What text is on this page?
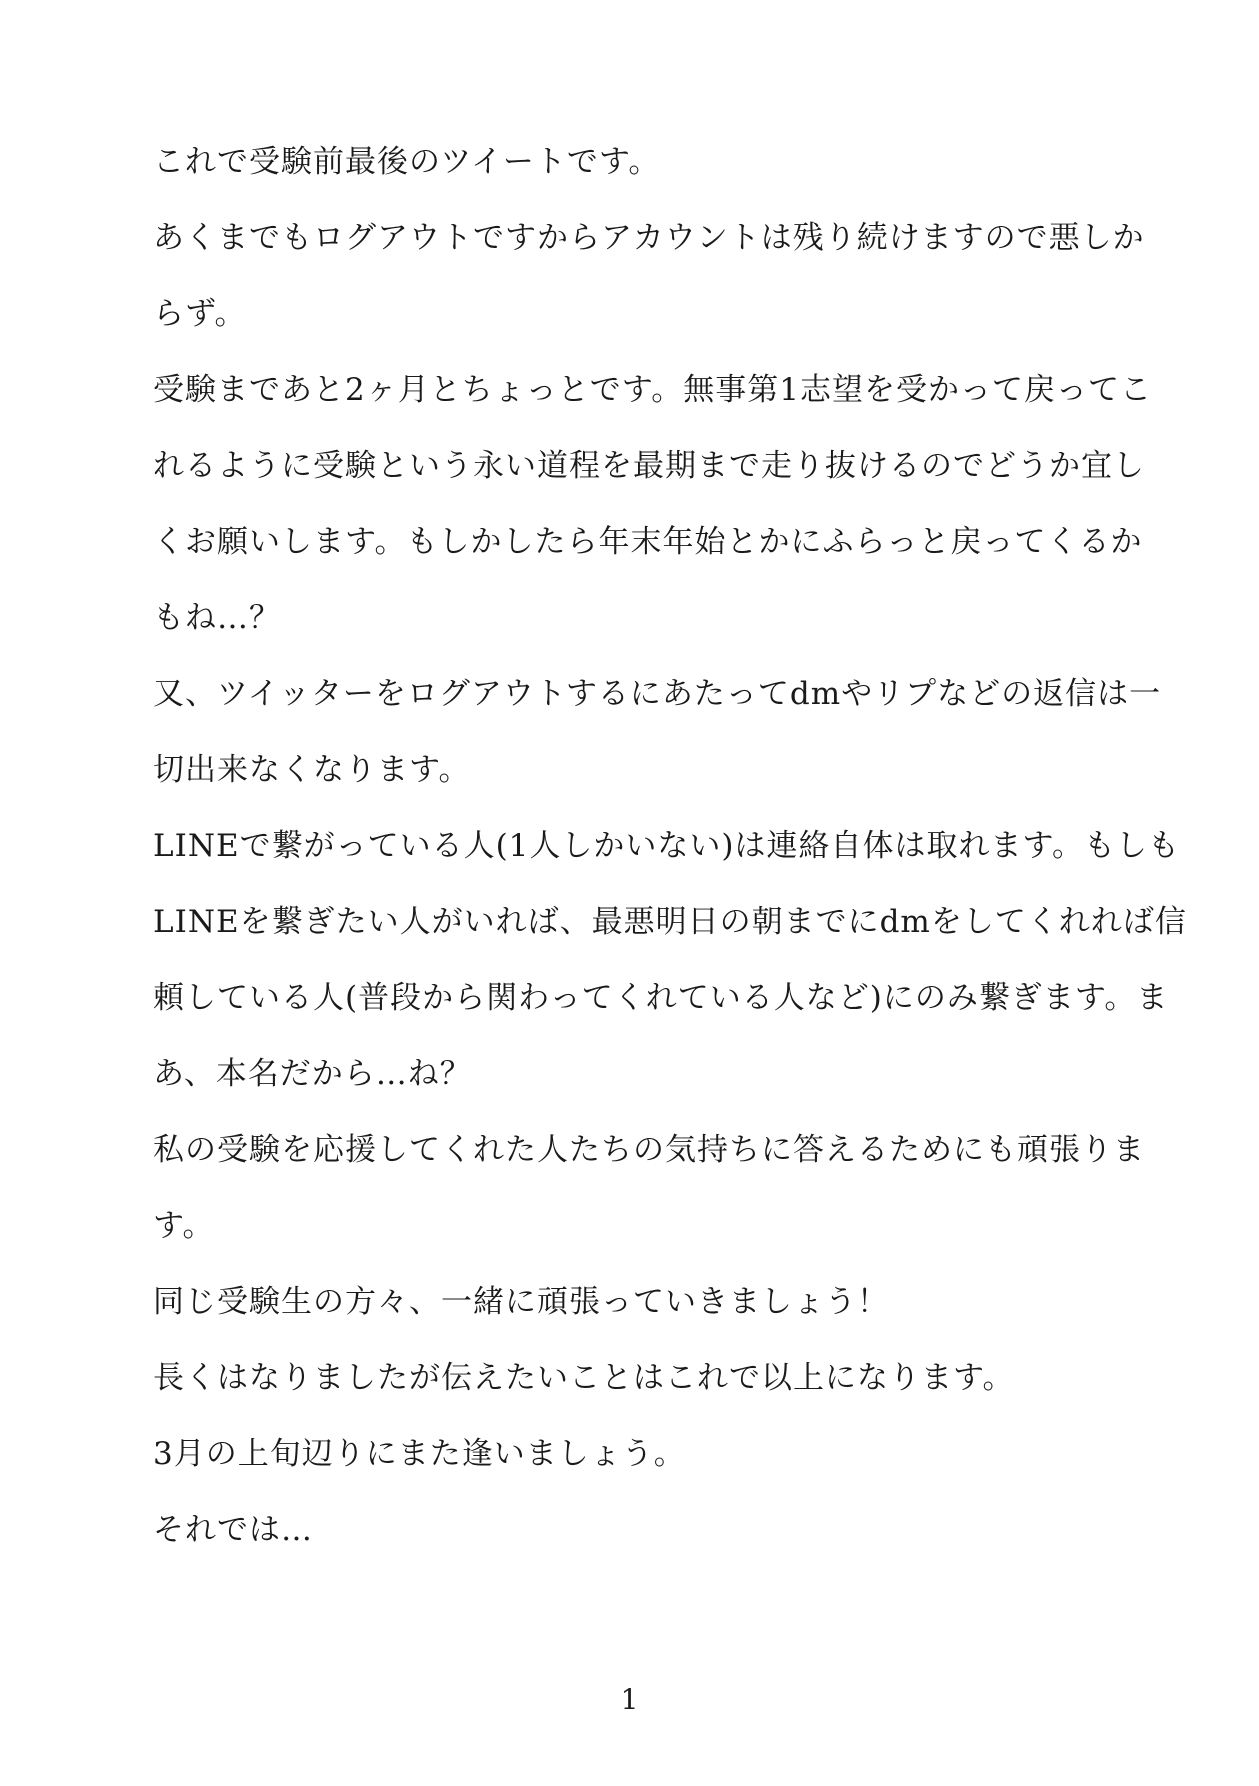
これで受験前最後のツイートです。
あくまでもログアウトですからアカウントは残り続けますので悪しか
らず。
受験まであと2ヶ月とちょっとです。無事第1志望を受かって戻ってこ
れるように受験という永い道程を最期まで走り抜けるのでどうか宜し
くお願いします。もしかしたら年末年始とかにふらっと戻ってくるか
もね…？
又、ツイッターをログアウトするにあたってdmやリプなどの返信は一
切出来なくなります。
LINEで繋がっている人(1人しかいない)は連絡自体は取れます。もしも
LINEを繋ぎたい人がいれば、最悪明日の朝までにdmをしてくれれば信
頼している人(普段から関わってくれている人など)にのみ繋ぎます。ま
あ、本名だから…ね？
私の受験を応援してくれた人たちの気持ちに答えるためにも頑張りま
す。
同じ受験生の方々、一緒に頑張っていきましょう！
長くはなりましたが伝えたいことはこれで以上になります。
3月の上旬辺りにまた逢いましょう。
それでは…
1
